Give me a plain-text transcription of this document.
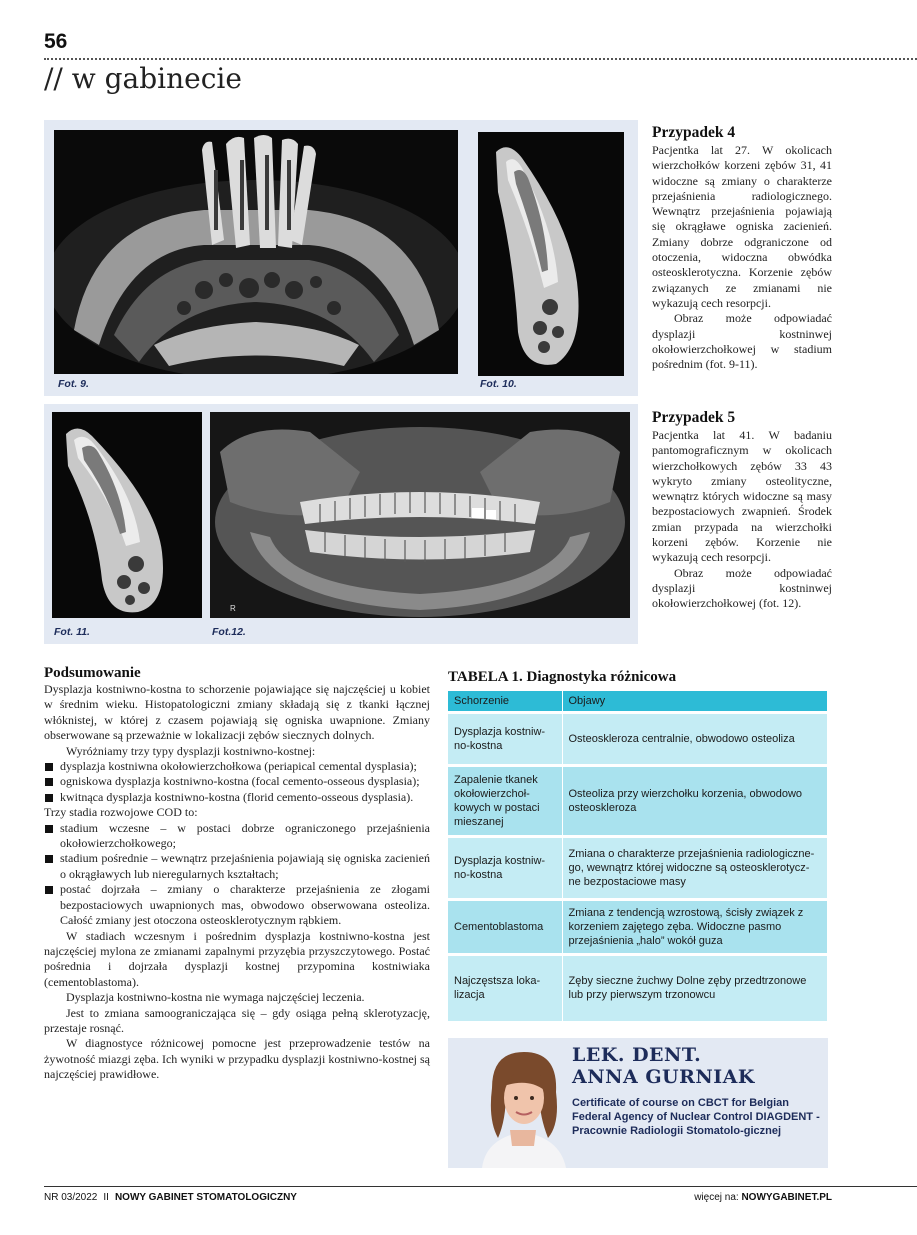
56
// w gabinecie
Fot. 9.	Fot. 10.
Fot. 11.
R
Fot.12.
Przypadek 4

Pacjentka lat 27. W okolicach wierzchołków korzeni zębów 31, 41 widoczne są zmiany o charakterze przejaśnienia radiologicznego. Wewnątrz przejaśnienia pojawiają się okrągławe ogniska zacienień. Zmiany dobrze odgraniczone od otoczenia, widoczna obwódka osteosklerotyczna. Korzenie zębów związanych ze zmianami nie wykazują cech resorpcji.

Obraz może odpowiadać dysplazji kostninwej okołowierzchołkowej w stadium pośrednim (fot. 9-11).

Przypadek 5

Pacjentka lat 41. W badaniu pantomograficznym w okolicach wierzchołkowych zębów 33 43 wykryto zmiany osteolityczne, wewnątrz których widoczne są masy bezpostaciowych zwapnień. Środek zmian przypada na wierzchołki korzeni zębów. Korzenie nie wykazują cech resorpcji.

Obraz może odpowiadać dysplazji kostninwej okołowierzchołkowej (fot. 12).

Podsumowanie

Dysplazja kostniwno-kostna to schorzenie pojawiające się najczęściej u kobiet w średnim wieku. Histopatologiczni zmiany składają się z tkanki łącznej włóknistej, w której z czasem pojawiają się ogniska uwapnione. Zmiany obserwowane są przeważnie w lokalizacji zębów siecznych dolnych.

Wyróżniamy trzy typy dysplazji kostniwno-kostnej:

dysplazja kostniwna okołowierzchołkowa (periapical cemental dysplasia);
ogniskowa dysplazja kostniwno-kostna (focal cemento-osseous dysplasia);
kwitnąca dysplazja kostniwno-kostna (florid cemento-osseous dysplasia).

Trzy stadia rozwojowe COD to:

stadium wczesne – w postaci dobrze ograniczonego przejaśnienia okołowierzchołkowego;
stadium pośrednie – wewnątrz przejaśnienia pojawiają się ogniska zacienień o okrągławych lub nieregularnych kształtach;
postać dojrzała – zmiany o charakterze przejaśnienia ze złogami bezpostaciowych uwapnionych mas, obwodowo obserwowana osteoliza. Całość zmiany jest otoczona osteosklerotycznym rąbkiem.

W stadiach wczesnym i pośrednim dysplazja kostniwno-kostna jest najczęściej mylona ze zmianami zapalnymi przyzębia przyszczytowego. Postać pośrednia i dojrzała dysplazji kostnej przypomina kostniwiaka (cementoblastoma).

Dysplazja kostniwno-kostna nie wymaga najczęściej leczenia.

Jest to zmiana samoograniczająca się – gdy osiąga pełną sklerotyzację, przestaje rosnąć.

W diagnostyce różnicowej pomocne jest przeprowadzenie testów na żywotność miazgi zęba. Ich wyniki w przypadku dysplazji kostniwno-kostnej są najczęściej prawidłowe.

TABELA 1. Diagnostyka różnicowa
Schorzenie	Objawy
Dysplazja kostniw-no-kostna	Osteoskleroza centralnie, obwodowo osteoliza
Zapalenie tkanek okołowierzchoł-kowych w postaci mieszanej	Osteoliza przy wierzchołku korzenia, obwodowo osteoskleroza
Dysplazja kostniw-no-kostna	Zmiana o charakterze przejaśnienia radiologiczne-go, wewnątrz której widoczne są osteosklerotycz-ne bezpostaciowe masy
Cementoblastoma	Zmiana z tendencją wzrostową, ścisły związek z korzeniem zajętego zęba. Widoczne pasmo przejaśnienia „halo” wokół guza
Najczęstsza loka-lizacja	Zęby sieczne żuchwy Dolne zęby przedtrzonowe lub przy pierwszym trzonowcu
LEK. DENT.
ANNA GURNIAK
Certificate of course on CBCT for Belgian Federal Agency of Nuclear Control DIAGDENT - Pracownie Radiologii Stomatolo-gicznej
NR 03/2022 II NOWY GABINET STOMATOLOGICZNY	więcej na: NOWYGABINET.PL
